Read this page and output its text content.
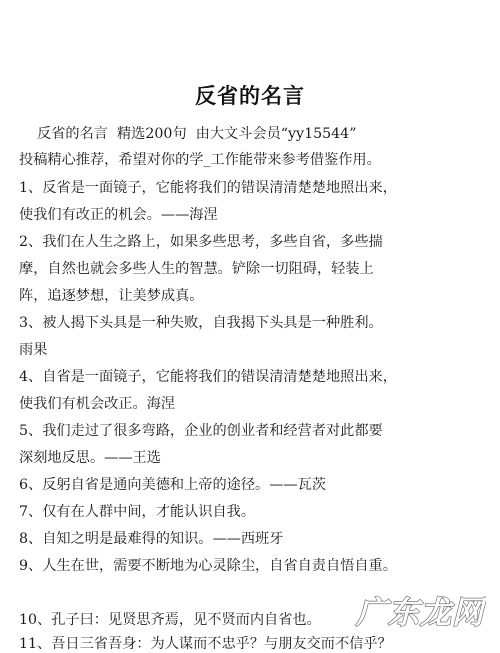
反省的名言
反省的名言  精选200句  由大文斗会员“yy15544”
投稿精心推荐，希望对你的学_工作能带来参考借鉴作用。
1、反省是一面镜子，它能将我们的错误清清楚楚地照出来，
使我们有改正的机会。——海涅
2、我们在人生之路上，如果多些思考，多些自省，多些揣
摩，自然也就会多些人生的智慧。铲除一切阻碍，轻装上
阵，追逐梦想，让美梦成真。
3、被人揭下头具是一种失败，自我揭下头具是一种胜利。
雨果
4、自省是一面镜子，它能将我们的错误清清楚楚地照出来，
使我们有机会改正。海涅
5、我们走过了很多弯路，企业的创业者和经营者对此都要
深刻地反思。——王选
6、反躬自省是通向美德和上帝的途径。——瓦茨
7、仅有在人群中间，才能认识自我。
8、自知之明是最难得的知识。——西班牙
9、人生在世，需要不断地为心灵除尘，自省自责自悟自重。
10、孔子曰：见贤思齐焉，见不贤而内自省也。
11、吾日三省吾身：为人谋而不忠乎？与朋友交而不信乎？
广东龙网
